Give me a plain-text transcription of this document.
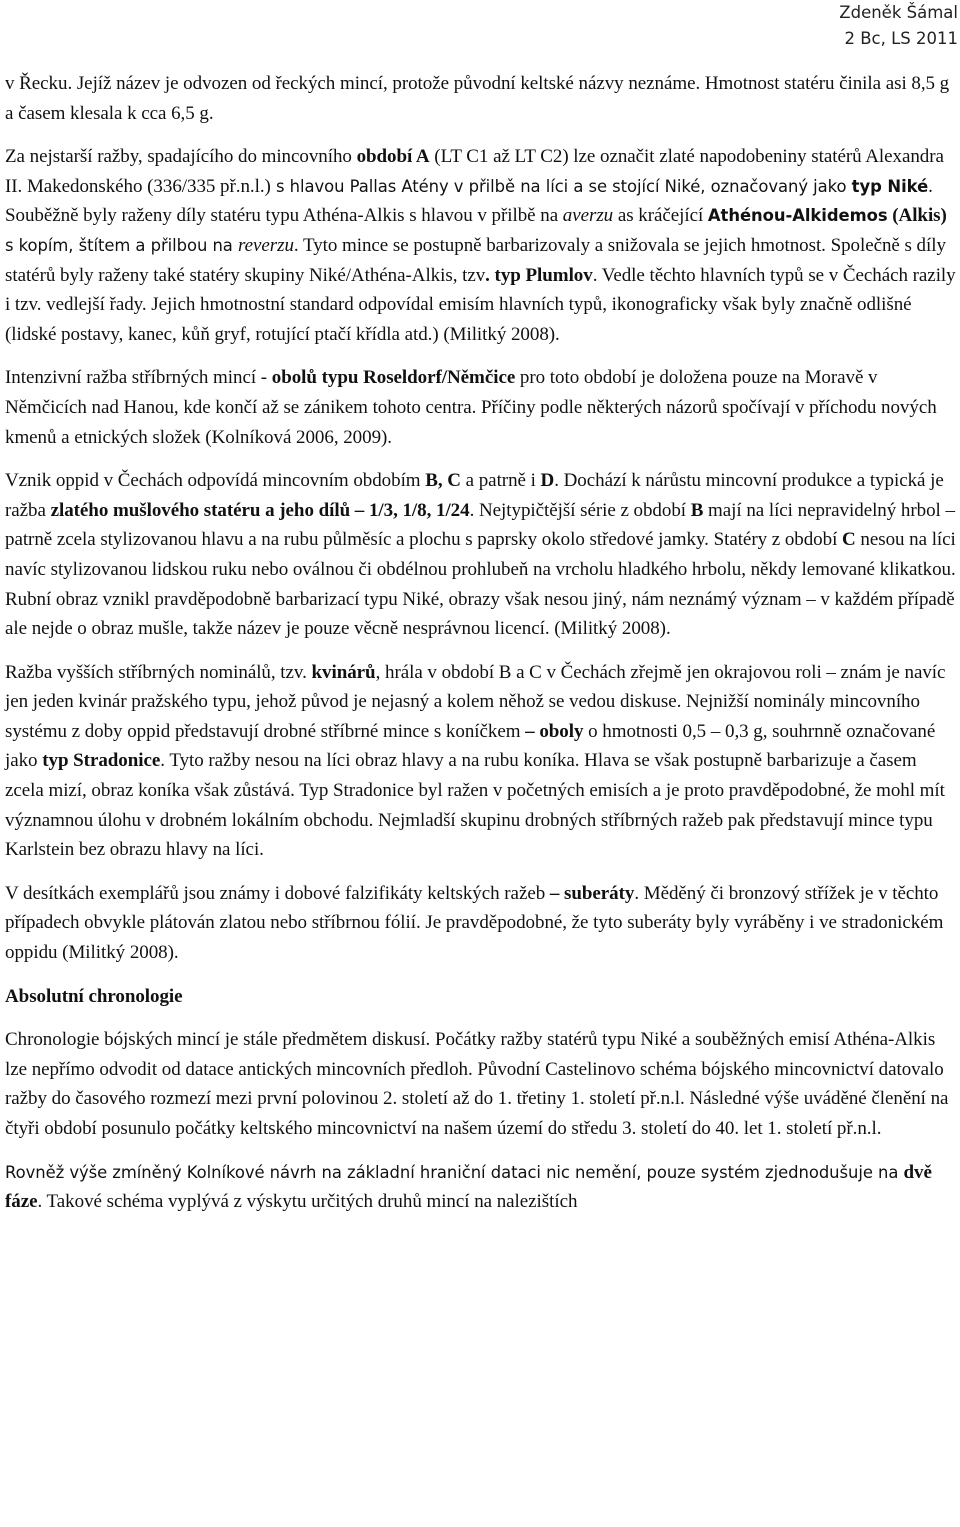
Zdeněk Šámal
2 Bc, LS 2011

v Řecku. Jejíž název je odvozen od řeckých mincí, protože původní keltské názvy neznáme. Hmotnost statéru činila asi 8,5 g a časem klesala k cca 6,5 g.

Za nejstarší ražby, spadajícího do mincovního období A (LT C1 až LT C2) lze označit zlaté napodobeniny statérů Alexandra II. Makedonského (336/335 př.n.l.) s hlavou Pallas Atény v přilbě na líci a se stojící Niké, označovaný jako typ Niké. Souběžně byly raženy díly statéru typu Athéna-Alkis s hlavou v přilbě na averzu as kráčející Athénou-Alkidemos (Alkis) s kopím, štítem a přilbou na reverzu. Tyto mince se postupně barbarizovaly a snižovala se jejich hmotnost. Společně s díly statérů byly raženy také statéry skupiny Niké/Athéna-Alkis, tzv. typ Plumlov. Vedle těchto hlavních typů se v Čechách razily i tzv. vedlejší řady. Jejich hmotnostní standard odpovídal emisím hlavních typů, ikonograficky však byly značně odlišné (lidské postavy, kanec, kůň gryf, rotující ptačí křídla atd.) (Militký 2008).

Intenzivní ražba stříbrných mincí - obolů typu Roseldorf/Němčice pro toto období je doložena pouze na Moravě v Němčicích nad Hanou, kde končí až se zánikem tohoto centra. Příčiny podle některých názorů spočívají v příchodu nových kmenů a etnických složek (Kolníková 2006, 2009).

Vznik oppid v Čechách odpovídá mincovním obdobím B, C a patrně i D. Dochází k nárůstu mincovní produkce a typická je ražba zlatého mušlového statéru a jeho dílů – 1/3, 1/8, 1/24. Nejtypičtější série z období B mají na líci nepravidelný hrbol – patrně zcela stylizovanou hlavu a na rubu půlměsíc a plochu s paprsky okolo středové jamky. Statéry z období C nesou na líci navíc stylizovanou lidskou ruku nebo oválnou či obdélnou prohlubeň na vrcholu hladkého hrbolu, někdy lemované klikatkou. Rubní obraz vznikl pravděpodobně barbarizací typu Niké, obrazy však nesou jiný, nám neznámý význam – v každém případě ale nejde o obraz mušle, takže název je pouze věcně nesprávnou licencí. (Militký 2008).

Ražba vyšších stříbrných nominálů, tzv. kvinárů, hrála v období B a C v Čechách zřejmě jen okrajovou roli – znám je navíc jen jeden kvinár pražského typu, jehož původ je nejasný a kolem něhož se vedou diskuse. Nejnižší nominály mincovního systému z doby oppid představují drobné stříbrné mince s koníčkem – obolу o hmotnosti 0,5 – 0,3 g, souhrnně označované jako typ Stradonice. Tyto ražby nesou na líci obraz hlavy a na rubu koníka. Hlava se však postupně barbarizuje a časem zcela mizí, obraz koníka však zůstává. Typ Stradonice byl ražen v početných emisích a je proto pravděpodobné, že mohl mít významnou úlohu v drobném lokálním obchodu. Nejmladší skupinu drobných stříbrných ražeb pak představují mince typu Karlstein bez obrazu hlavy na líci.

V desítkách exemplářů jsou známy i dobové falzifikáty keltských ražeb – suberáty. Měděný či bronzový střížek je v těchto případech obvykle plátován zlatou nebo stříbrnou fólií. Je pravděpodobné, že tyto suberáty byly vyráběny i ve stradonickém oppidu (Militký 2008).

Absolutní chronologie

Chronologie bójských mincí je stále předmětem diskusí. Počátky ražby statérů typu Niké a souběžných emisí Athéna-Alkis lze nepřímo odvodit od datace antických mincovních předloh. Původní Castelinovo schéma bójského mincovnictví datovalo ražby do časového rozmezí mezi první polovinou 2. století až do 1. třetiny 1. století př.n.l. Následné výše uváděné členění na čtyři období posunulo počátky keltského mincovnictví na našem území do středu 3. století do 40. let 1. století př.n.l.

Rovněž výše zmíněný Kolníkové návrh na základní hraniční dataci nic nemění, pouze systém zjednodušuje na dvě fáze. Takové schéma vyplývá z výskytu určitých druhů mincí na nalezištích
